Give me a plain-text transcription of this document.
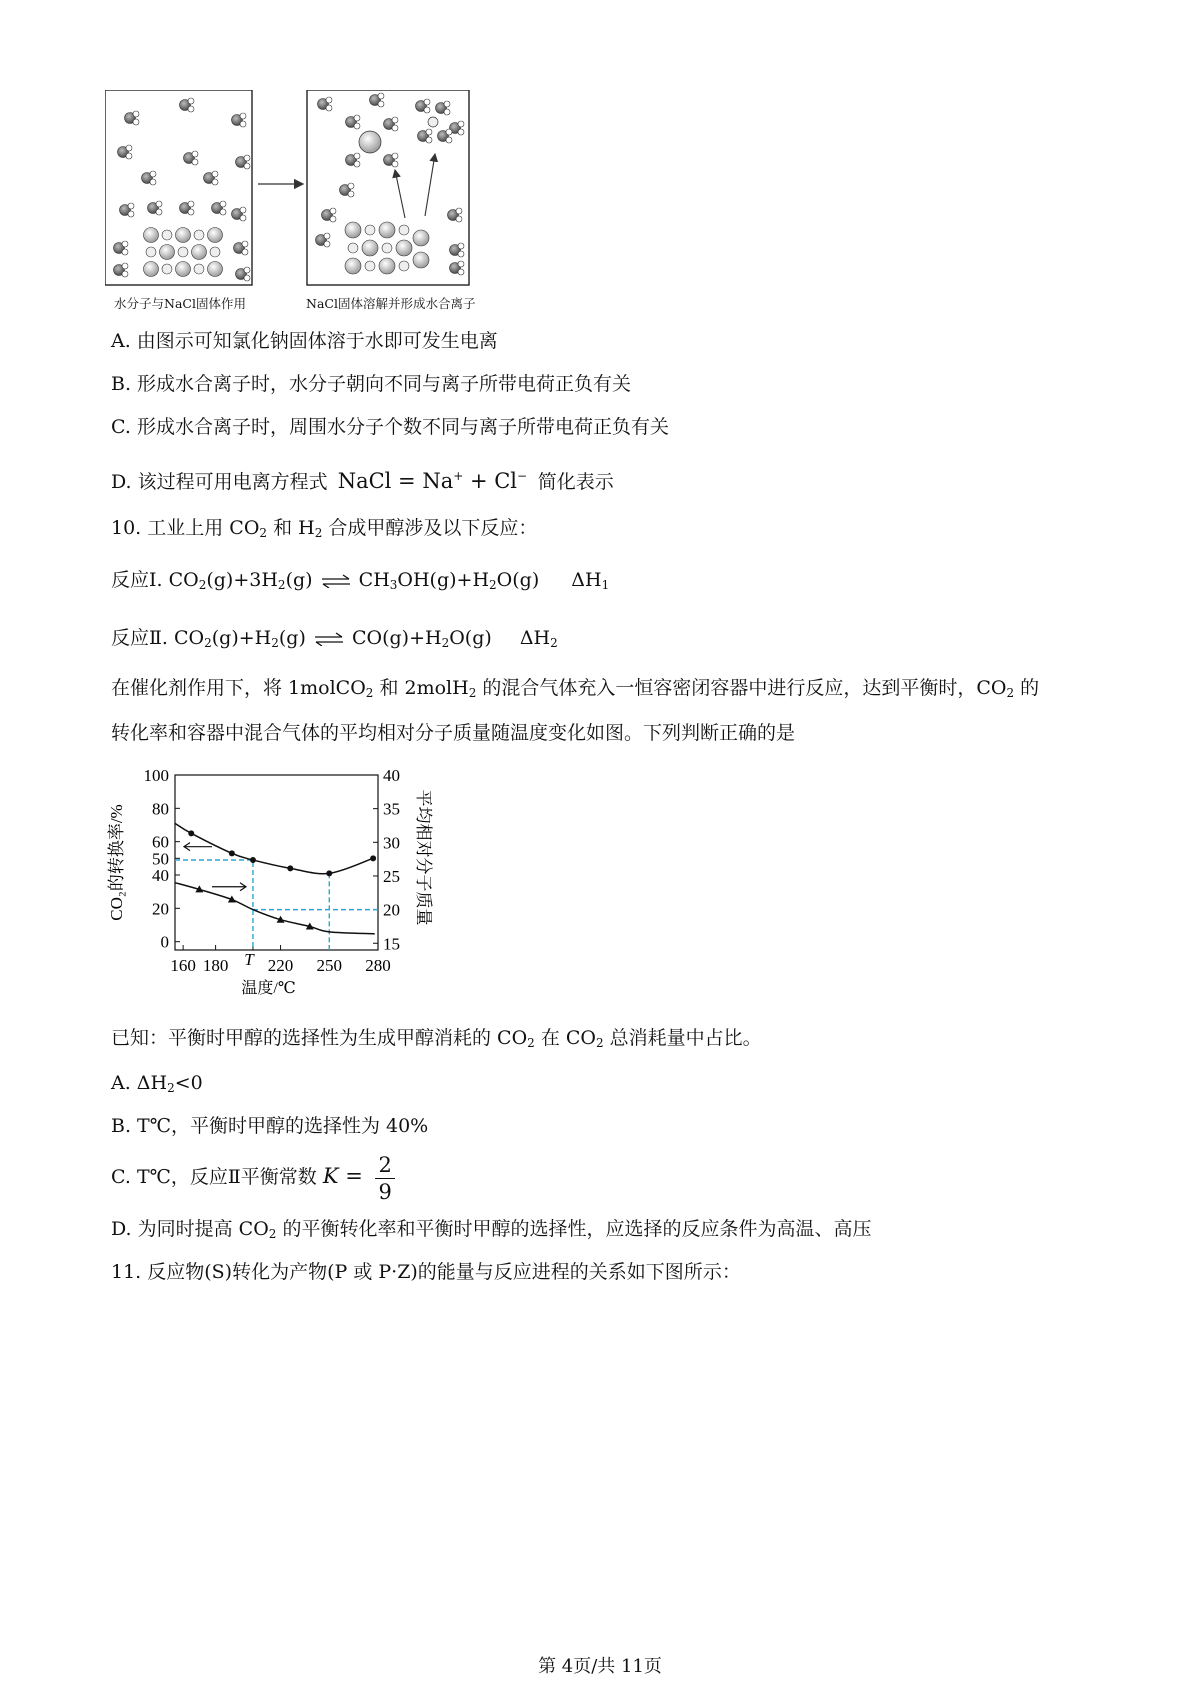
水分子与NaCl固体作用	NaCl固体溶解并形成水合离子
A. 由图示可知氯化钠固体溶于水即可发生电离
B. 形成水合离子时，水分子朝向不同与离子所带电荷正负有关
C. 形成水合离子时，周围水分子个数不同与离子所带电荷正负有关
D. 该过程可用电离方程式 NaCl = Na+ + Cl− 简化表示
10. 工业上用 $CO_2$ 和 $H_2$ 合成甲醇涉及以下反应：
反应Ⅰ. $CO_2(g)+3H_2(g)$ ⇌ $CH_3OH(g)+H_2O(g)$ $\Delta H_1$
反应Ⅱ. $CO_2(g)+H_2(g)$ ⇌ $CO(g)+H_2O(g)$ $\Delta H_2$
在催化剂作用下，将 1molCO$_2$ 和 2molH$_2$ 的混合气体充入一恒容密闭容器中进行反应，达到平衡时，$CO_2$ 的
转化率和容器中混合气体的平均相对分子质量随温度变化如图。下列判断正确的是
100
80
60
50
40
20
0
40
35
30
25
20
15
160 180 T 220 250 280
温度/℃
CO₂的转换率/%	平均相对分子质量
已知：平衡时甲醇的选择性为生成甲醇消耗的 $CO_2$ 在 $CO_2$ 总消耗量中占比。
A. $\Delta H_2<0$
B. T℃，平衡时甲醇的选择性为 40%
C. T℃，反应Ⅱ平衡常数 $K = \frac{2}{9}$
D. 为同时提高 $CO_2$ 的平衡转化率和平衡时甲醇的选择性，应选择的反应条件为高温、高压
11. 反应物(S)转化为产物(P 或 P·Z)的能量与反应进程的关系如下图所示：
第 4页/共 11页
